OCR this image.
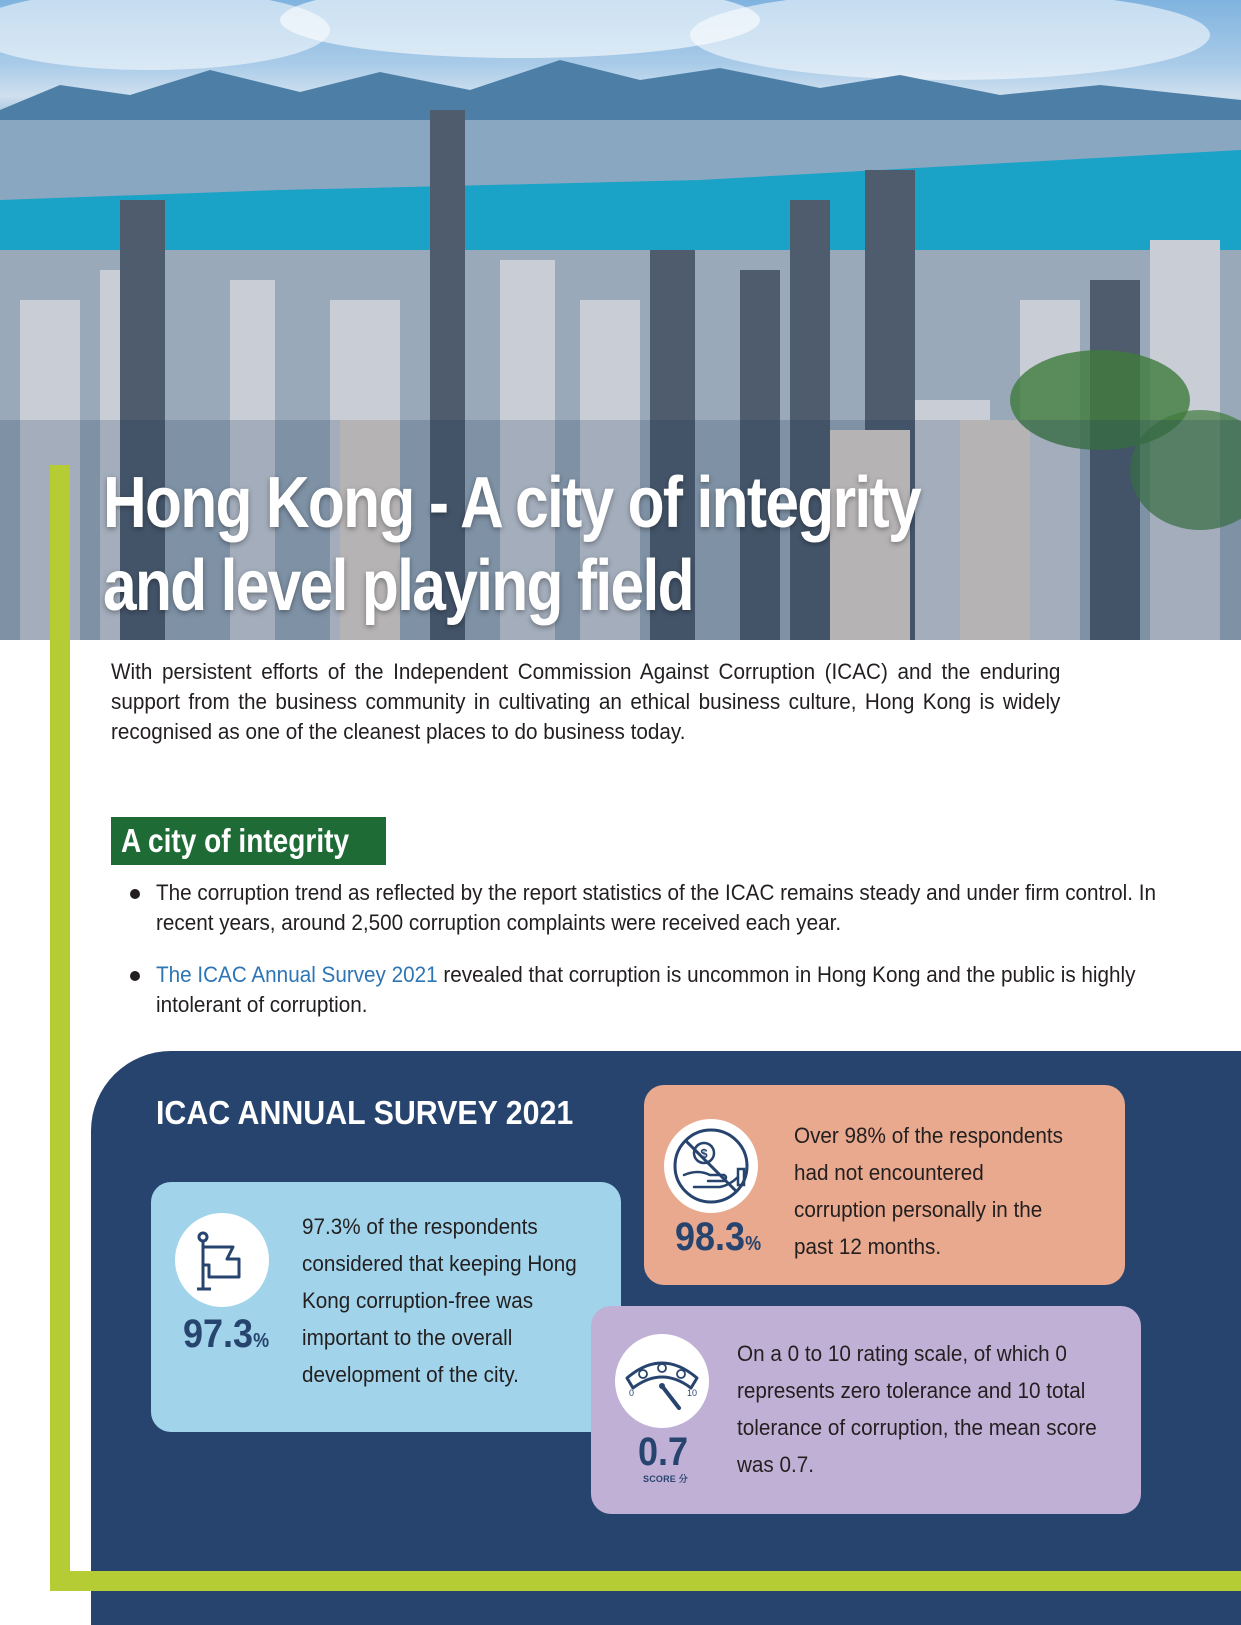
Hong Kong - A city of integrity
and level playing field

With persistent efforts of the Independent Commission Against Corruption (ICAC) and the enduring support from the business community in cultivating an ethical business culture, Hong Kong is widely recognised as one of the cleanest places to do business today.

A city of integrity
The corruption trend as reflected by the report statistics of the ICAC remains steady and under firm control. In recent years, around 2,500 corruption complaints were received each year.
The ICAC Annual Survey 2021 revealed that corruption is uncommon in Hong Kong and the public is highly intolerant of corruption.
ICAC ANNUAL SURVEY 2021
97.3%
97.3% of the respondents considered that keeping Hong Kong corruption-free was important to the overall development of the city.
$
98.3%
Over 98% of the respondents had not encountered corruption personally in the past 12 months.
0	10
0.7
SCORE 分
On a 0 to 10 rating scale, of which 0 represents zero tolerance and 10 total tolerance of corruption, the mean score was 0.7.
